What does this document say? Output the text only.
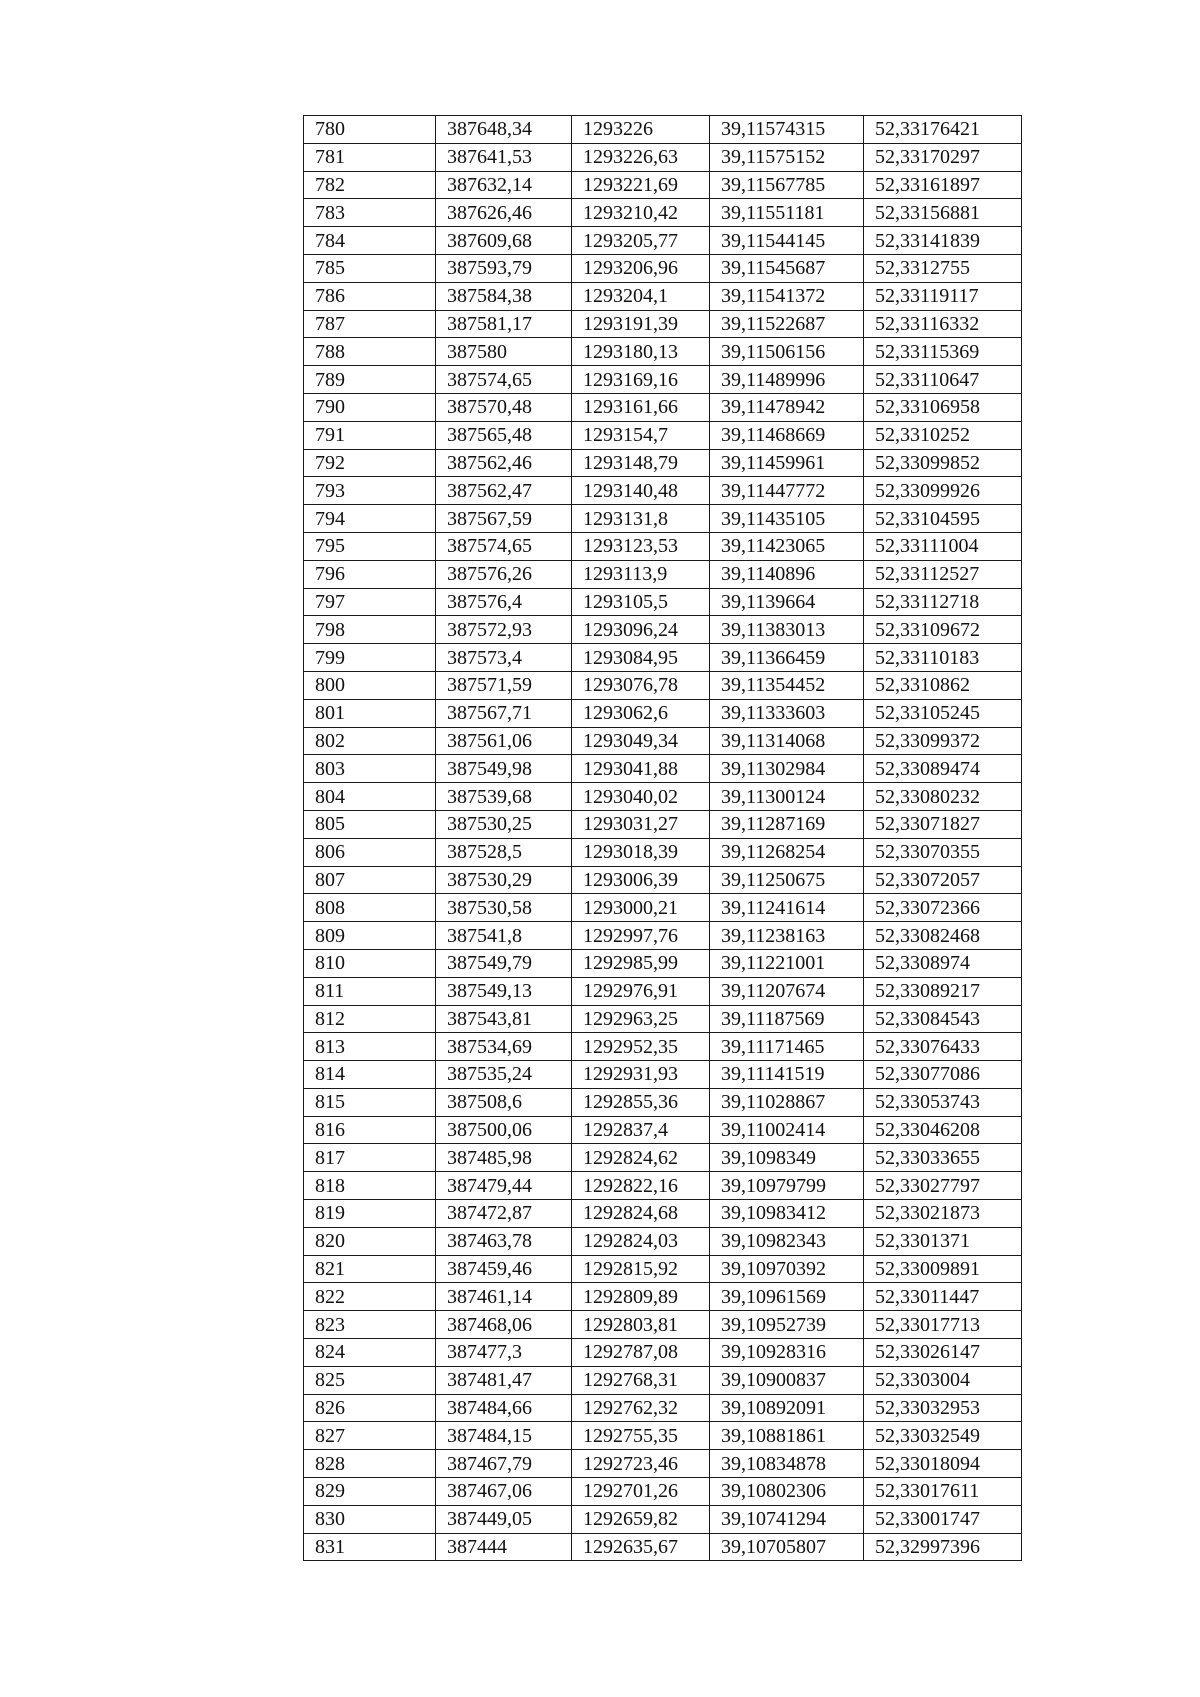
780	387648,34	1293226	39,11574315	52,33176421
781	387641,53	1293226,63	39,11575152	52,33170297
782	387632,14	1293221,69	39,11567785	52,33161897
783	387626,46	1293210,42	39,11551181	52,33156881
784	387609,68	1293205,77	39,11544145	52,33141839
785	387593,79	1293206,96	39,11545687	52,3312755
786	387584,38	1293204,1	39,11541372	52,33119117
787	387581,17	1293191,39	39,11522687	52,33116332
788	387580	1293180,13	39,11506156	52,33115369
789	387574,65	1293169,16	39,11489996	52,33110647
790	387570,48	1293161,66	39,11478942	52,33106958
791	387565,48	1293154,7	39,11468669	52,3310252
792	387562,46	1293148,79	39,11459961	52,33099852
793	387562,47	1293140,48	39,11447772	52,33099926
794	387567,59	1293131,8	39,11435105	52,33104595
795	387574,65	1293123,53	39,11423065	52,33111004
796	387576,26	1293113,9	39,1140896	52,33112527
797	387576,4	1293105,5	39,1139664	52,33112718
798	387572,93	1293096,24	39,11383013	52,33109672
799	387573,4	1293084,95	39,11366459	52,33110183
800	387571,59	1293076,78	39,11354452	52,3310862
801	387567,71	1293062,6	39,11333603	52,33105245
802	387561,06	1293049,34	39,11314068	52,33099372
803	387549,98	1293041,88	39,11302984	52,33089474
804	387539,68	1293040,02	39,11300124	52,33080232
805	387530,25	1293031,27	39,11287169	52,33071827
806	387528,5	1293018,39	39,11268254	52,33070355
807	387530,29	1293006,39	39,11250675	52,33072057
808	387530,58	1293000,21	39,11241614	52,33072366
809	387541,8	1292997,76	39,11238163	52,33082468
810	387549,79	1292985,99	39,11221001	52,3308974
811	387549,13	1292976,91	39,11207674	52,33089217
812	387543,81	1292963,25	39,11187569	52,33084543
813	387534,69	1292952,35	39,11171465	52,33076433
814	387535,24	1292931,93	39,11141519	52,33077086
815	387508,6	1292855,36	39,11028867	52,33053743
816	387500,06	1292837,4	39,11002414	52,33046208
817	387485,98	1292824,62	39,1098349	52,33033655
818	387479,44	1292822,16	39,10979799	52,33027797
819	387472,87	1292824,68	39,10983412	52,33021873
820	387463,78	1292824,03	39,10982343	52,3301371
821	387459,46	1292815,92	39,10970392	52,33009891
822	387461,14	1292809,89	39,10961569	52,33011447
823	387468,06	1292803,81	39,10952739	52,33017713
824	387477,3	1292787,08	39,10928316	52,33026147
825	387481,47	1292768,31	39,10900837	52,3303004
826	387484,66	1292762,32	39,10892091	52,33032953
827	387484,15	1292755,35	39,10881861	52,33032549
828	387467,79	1292723,46	39,10834878	52,33018094
829	387467,06	1292701,26	39,10802306	52,33017611
830	387449,05	1292659,82	39,10741294	52,33001747
831	387444	1292635,67	39,10705807	52,32997396
